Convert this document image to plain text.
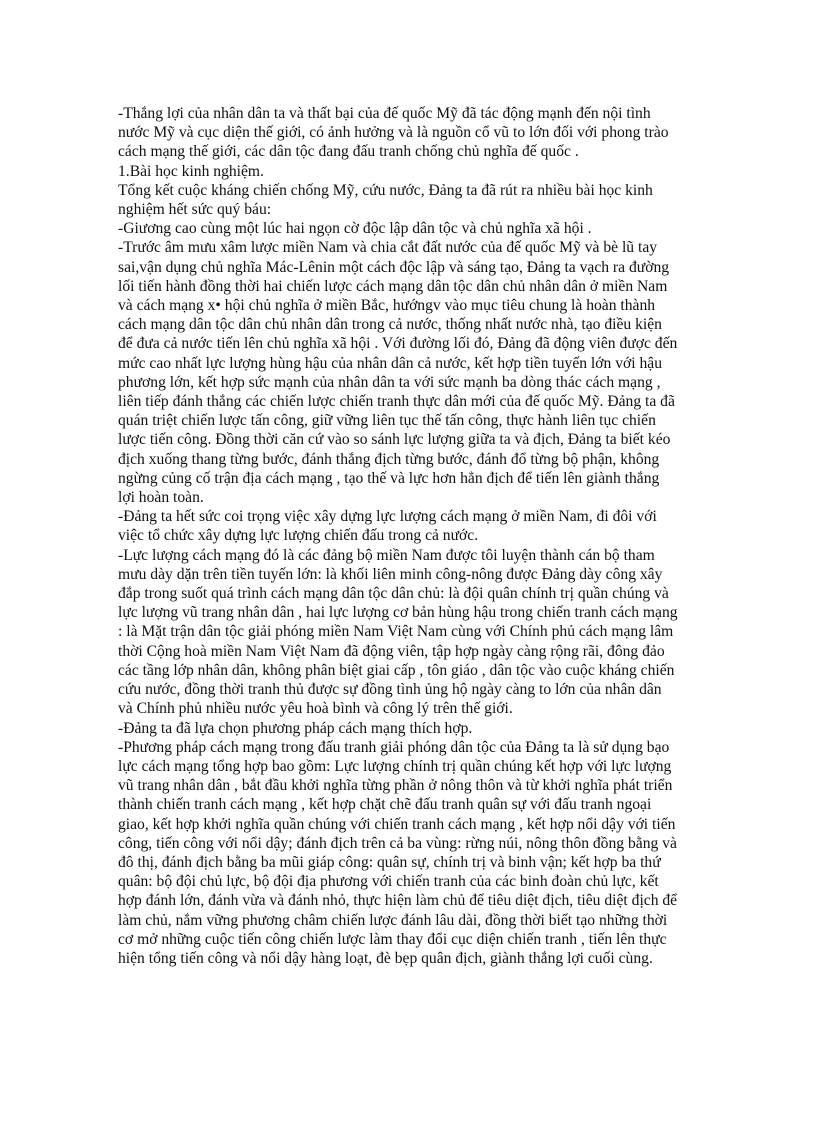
-Thắng lợi của nhân dân ta và thất bại của đế quốc Mỹ đã tác động mạnh đến nội tình
nước Mỹ và cục diện thế giới, có ảnh hưởng và là nguồn cổ vũ to lớn đối với phong trào
cách mạng thế giới, các dân tộc đang đấu tranh chống chủ nghĩa đế quốc .
1.Bài học kinh nghiệm.
Tổng kết cuộc kháng chiến chống Mỹ, cứu nước, Đảng ta đã rút ra nhiều bài học kinh
nghiệm hết sức quý báu:
-Giương cao cùng một lúc hai ngọn cờ độc lập dân tộc và chủ nghĩa xã hội .
-Trước âm mưu xâm lược miền Nam và chia cắt đất nước của đế quốc Mỹ và bè lũ tay
sai,vận dụng chủ nghĩa Mác-Lênin một cách độc lập và sáng tạo, Đảng ta vạch ra đường
lối tiến hành đồng thời hai chiến lược cách mạng dân tộc dân chủ nhân dân ở miền Nam
và cách mạng x• hội chủ nghĩa ở miền Bắc, hướngv vào mục tiêu chung là hoàn thành
cách mạng dân tộc dân chủ nhân dân trong cả nước, thống nhất nước nhà, tạo điều kiện
để đưa cả nước tiến lên chủ nghĩa xã hội . Với đường lối đó, Đảng đã động viên được đến
mức cao nhất lực lượng hùng hậu của nhân dân cả nước, kết hợp tiền tuyến lớn với hậu
phương lớn, kết hợp sức mạnh của nhân dân ta với sức mạnh ba dòng thác cách mạng ,
liên tiếp đánh thắng các chiến lược chiến tranh thực dân mới của đế quốc Mỹ. Đảng ta đã
quán triệt chiến lược tấn công, giữ vững liên tục thế tấn công, thực hành liên tục chiến
lược tiến công. Đồng thời căn cứ vào so sánh lực lượng giữa ta và địch, Đảng ta biết kéo
địch xuống thang từng bước, đánh thắng địch từng bước, đánh đổ từng bộ phận, không
ngừng củng cố trận địa cách mạng , tạo thế và lực hơn hẳn địch để tiến lên giành thắng
lợi hoàn toàn.
-Đảng ta hết sức coi trọng việc xây dựng lực lượng cách mạng ở miền Nam, đi đôi với
việc tổ chức xây dựng lực lượng chiến đấu trong cả nước.
-Lực lượng cách mạng đó là các đảng bộ miền Nam được tôi luyện thành cán bộ tham
mưu dày dặn trên tiền tuyến lớn: là khối liên minh công-nông được Đảng dày công xây
đắp trong suốt quá trình cách mạng dân tộc dân chủ: là đội quân chính trị quần chúng và
lực lượng vũ trang nhân dân , hai lực lượng cơ bản hùng hậu trong chiến tranh cách mạng
: là Mặt trận dân tộc giải phóng miền Nam Việt Nam cùng với Chính phủ cách mạng lâm
thời Cộng hoà miền Nam Việt Nam đã động viên, tập hợp ngày càng rộng rãi, đông đảo
các tầng lớp nhân dân, không phân biệt giai cấp , tôn giáo , dân tộc vào cuộc kháng chiến
cứu nước, đồng thời tranh thủ được sự đồng tình ủng hộ ngày càng to lớn của nhân dân
và Chính phủ nhiều nước yêu hoà bình và công lý trên thế giới.
-Đảng ta đã lựa chọn phương pháp cách mạng thích hợp.
-Phương pháp cách mạng trong đấu tranh giải phóng dân tộc của Đảng ta là sử dụng bạo
lực cách mạng tổng hợp bao gồm: Lực lượng chính trị quần chúng kết hợp với lực lượng
vũ trang nhân dân , bắt đầu khởi nghĩa từng phần ở nông thôn và từ khởi nghĩa phát triển
thành chiến tranh cách mạng , kết hợp chặt chẽ đấu tranh quân sự với đấu tranh ngoại
giao, kết hợp khởi nghĩa quần chúng với chiến tranh cách mạng , kết hợp nổi dậy với tiến
công, tiến công với nổi dậy; đánh địch trên cả ba vùng: rừng núi, nông thôn đồng bằng và
đô thị, đánh địch bằng ba mũi giáp công: quân sự, chính trị và binh vận; kết hợp ba thứ
quân: bộ đội chủ lực, bộ đội địa phương với chiến tranh của các binh đoàn chủ lực, kết
hợp đánh lớn, đánh vừa và đánh nhỏ, thực hiện làm chủ để tiêu diệt địch, tiêu diệt địch để
làm chủ, nắm vững phương châm chiến lược đánh lâu dài, đồng thời biết tạo những thời
cơ mở những cuộc tiến công chiến lược làm thay đổi cục diện chiến tranh , tiến lên thực
hiện tổng tiến công và nổi dậy hàng loạt, đè bẹp quân địch, giành thắng lợi cuối cùng.
